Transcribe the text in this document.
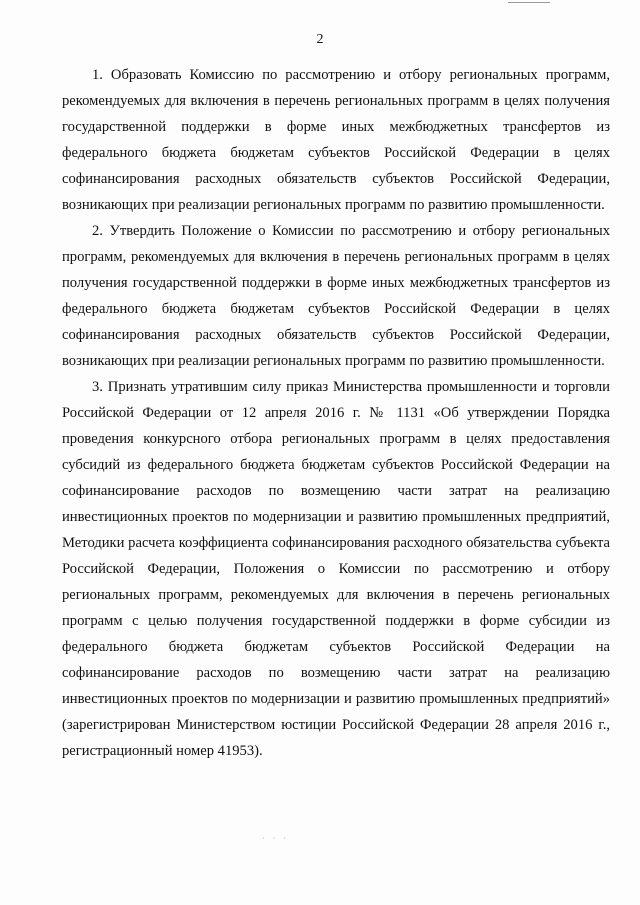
2

1. Образовать Комиссию по рассмотрению и отбору региональных программ, рекомендуемых для включения в перечень региональных программ в целях получения государственной поддержки в форме иных межбюджетных трансфертов из федерального бюджета бюджетам субъектов Российской Федерации в целях софинансирования расходных обязательств субъектов Российской Федерации, возникающих при реализации региональных программ по развитию промышленности.

2. Утвердить Положение о Комиссии по рассмотрению и отбору региональных программ, рекомендуемых для включения в перечень региональных программ в целях получения государственной поддержки в форме иных межбюджетных трансфертов из федерального бюджета бюджетам субъектов Российской Федерации в целях софинансирования расходных обязательств субъектов Российской Федерации, возникающих при реализации региональных программ по развитию промышленности.

3. Признать утратившим силу приказ Министерства промышленности и торговли Российской Федерации от 12 апреля 2016 г. № 1131 «Об утверждении Порядка проведения конкурсного отбора региональных программ в целях предоставления субсидий из федерального бюджета бюджетам субъектов Российской Федерации на софинансирование расходов по возмещению части затрат на реализацию инвестиционных проектов по модернизации и развитию промышленных предприятий, Методики расчета коэффициента софинансирования расходного обязательства субъекта Российской Федерации, Положения о Комиссии по рассмотрению и отбору региональных программ, рекомендуемых для включения в перечень региональных программ с целью получения государственной поддержки в форме субсидии из федерального бюджета бюджетам субъектов Российской Федерации на софинансирование расходов по возмещению части затрат на реализацию инвестиционных проектов по модернизации и развитию промышленных предприятий» (зарегистрирован Министерством юстиции Российской Федерации 28 апреля 2016 г., регистрационный номер 41953).

· · ·
